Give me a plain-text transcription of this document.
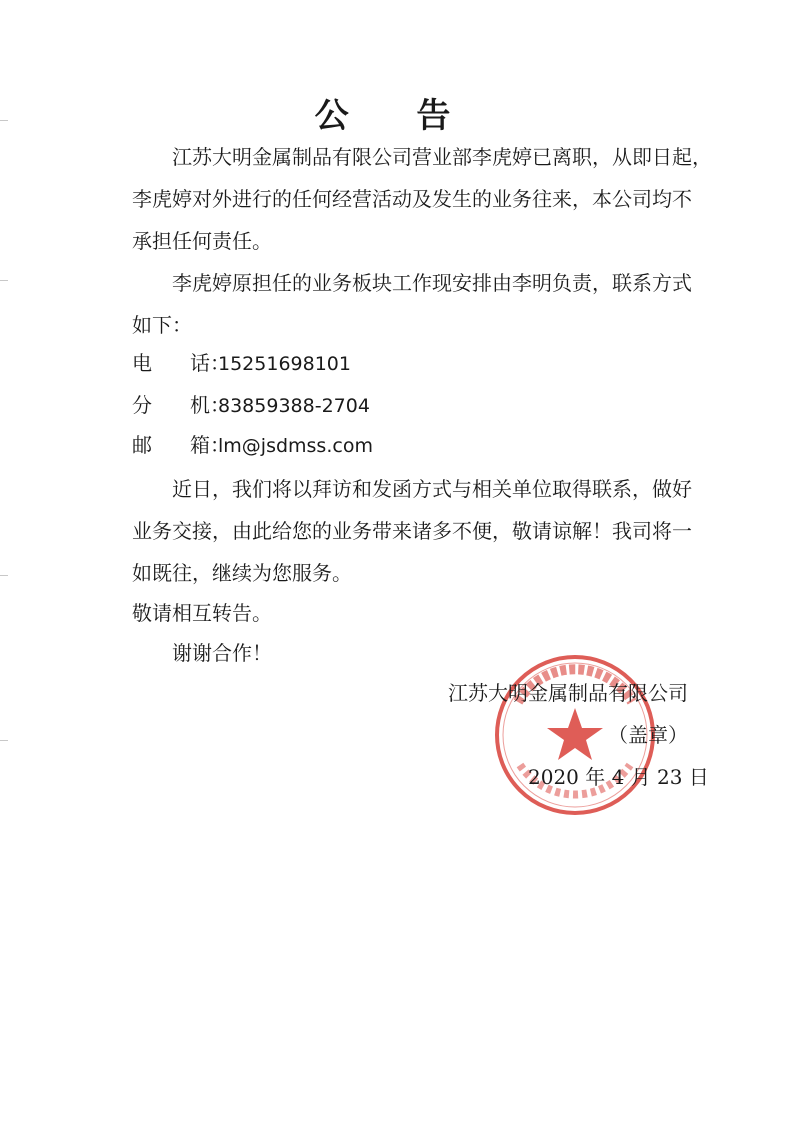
公 告
江苏大明金属制品有限公司营业部李虎婷已离职，从即日起，
李虎婷对外进行的任何经营活动及发生的业务往来，本公司均不
承担任何责任。
李虎婷原担任的业务板块工作现安排由李明负责，联系方式
如下：
电 话：15251698101
分 机：83859388-2704
邮 箱：lm@jsdmss.com
近日，我们将以拜访和发函方式与相关单位取得联系，做好
业务交接，由此给您的业务带来诸多不便，敬请谅解！我司将一
如既往，继续为您服务。
敬请相互转告。
谢谢合作！
江苏大明金属制品有限公司
（盖章）
2020 年 4 月 23 日
